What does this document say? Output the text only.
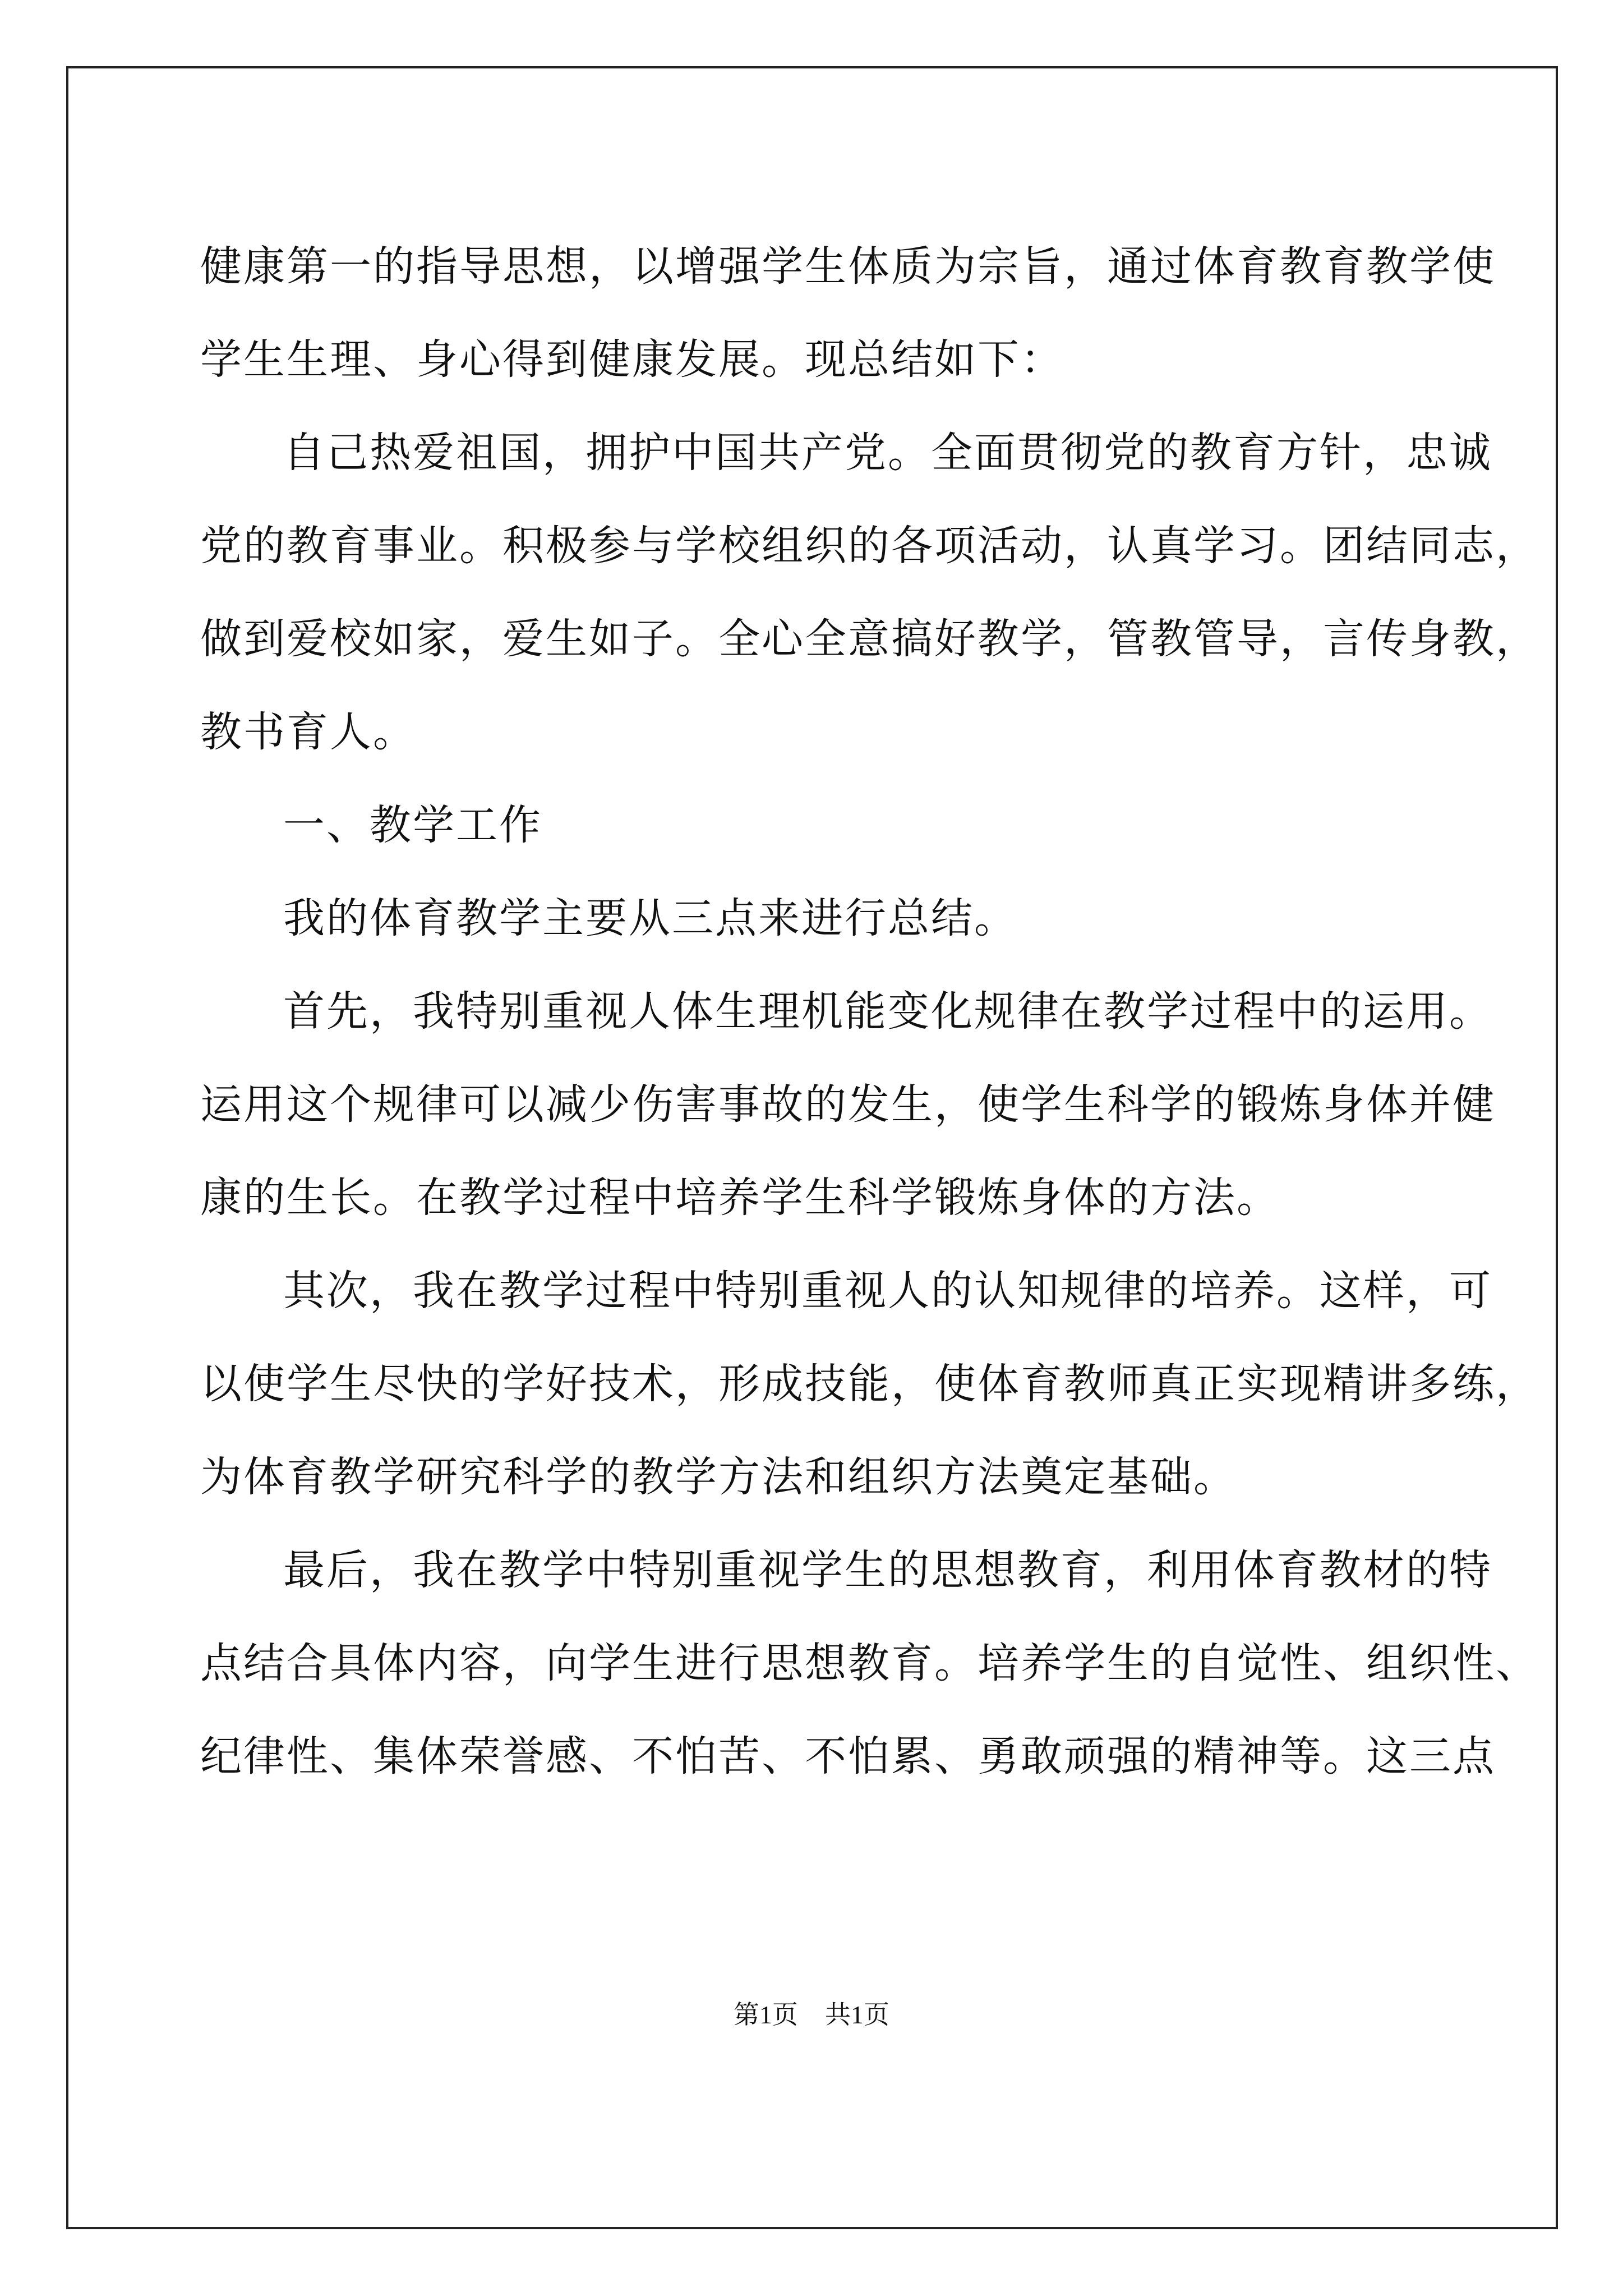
健康第一的指导思想，以增强学生体质为宗旨，通过体育教育教学使
学生生理、身心得到健康发展。现总结如下：
自己热爱祖国，拥护中国共产党。全面贯彻党的教育方针，忠诚
党的教育事业。积极参与学校组织的各项活动，认真学习。团结同志，
做到爱校如家，爱生如子。全心全意搞好教学，管教管导，言传身教，
教书育人。
一、教学工作
我的体育教学主要从三点来进行总结。
首先，我特别重视人体生理机能变化规律在教学过程中的运用。
运用这个规律可以减少伤害事故的发生，使学生科学的锻炼身体并健
康的生长。在教学过程中培养学生科学锻炼身体的方法。
其次，我在教学过程中特别重视人的认知规律的培养。这样，可
以使学生尽快的学好技术，形成技能，使体育教师真正实现精讲多练，
为体育教学研究科学的教学方法和组织方法奠定基础。
最后，我在教学中特别重视学生的思想教育，利用体育教材的特
点结合具体内容，向学生进行思想教育。培养学生的自觉性、组织性、
纪律性、集体荣誉感、不怕苦、不怕累、勇敢顽强的精神等。这三点
第1页 共1页
